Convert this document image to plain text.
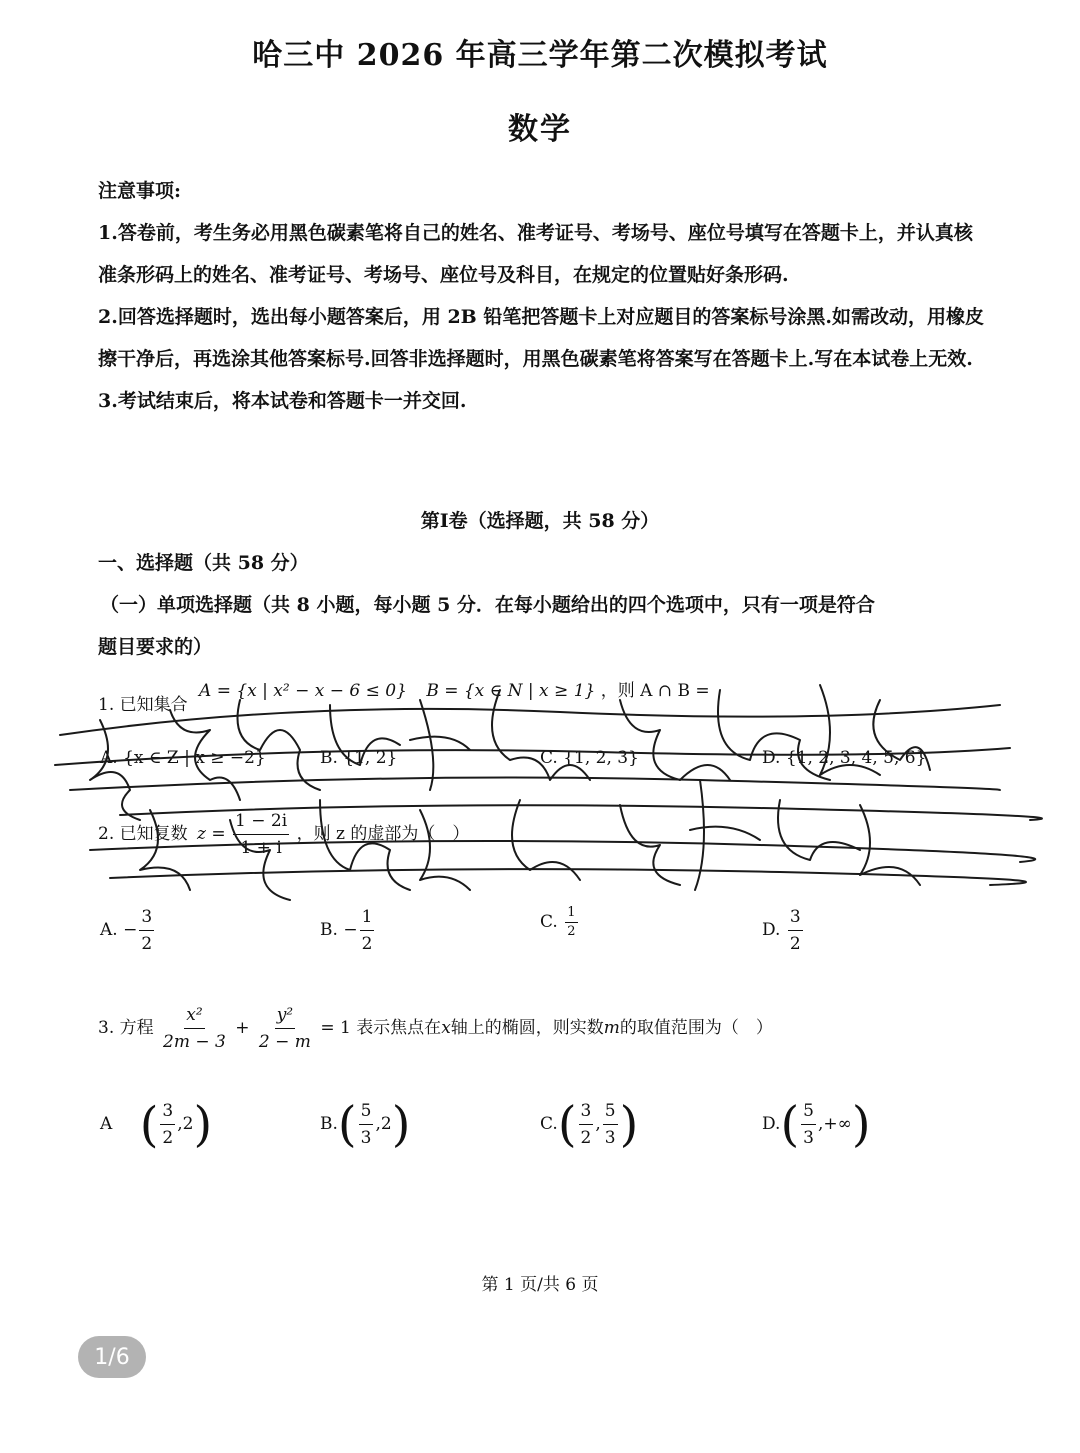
哈三中 2026 年高三学年第二次模拟考试
数学

注意事项:

1.答卷前，考生务必用黑色碳素笔将自己的姓名、准考证号、考场号、座位号填写在答题卡上，并认真核准条形码上的姓名、准考证号、考场号、座位号及科目，在规定的位置贴好条形码.

2.回答选择题时，选出每小题答案后，用 2B 铅笔把答题卡上对应题目的答案标号涂黑.如需改动，用橡皮擦干净后，再选涂其他答案标号.回答非选择题时，用黑色碳素笔将答案写在答题卡上.写在本试卷上无效.

3.考试结束后，将本试卷和答题卡一并交回.

第I卷（选择题，共 58 分）
一、选择题（共 58 分）
（一）单项选择题（共 8 小题，每小题 5 分．在每小题给出的四个选项中，只有一项是符合
题目要求的）
1. 已知集合 A = {x | x² − x − 6 ≤ 0} B = {x ∈ N | x ≥ 1} ，则 A ∩ B =
A. {x ∈ Z | x ≥ −2}	B. {1, 2}	C. {1, 2, 3}	D. {1, 2, 3, 4, 5, 6}
2. 已知复数 $z = \frac{1 - 2i}{1 + i}$ ，则 z 的虚部为（　）
A. − $\frac{3}{2}$	B. − $\frac{1}{2}$	C. $\frac{1}{2}$	D. $\frac{3}{2}$
3. 方程 $\frac{\text{x²}}{2m - 3} + \frac{\text{y²}}{2 - m} = 1$ 表示焦点在x轴上的椭圆，则实数m的取值范围为（　）
A ( $\frac{3}{2} ,2$)	$B.( \frac{5}{3} ,2)$	$C.( \frac{3}{2}$ , $\frac{5}{3}$ )	$D.( \frac{5}{3}$ ,+∞)
第 1 页/共 6 页
1/6
